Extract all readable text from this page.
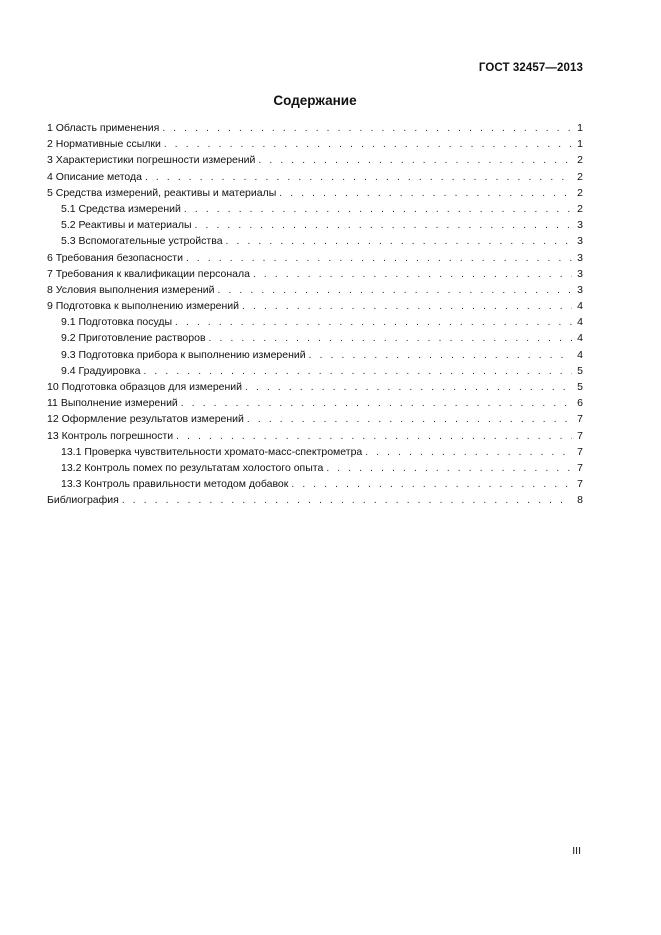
ГОСТ 32457—2013
Содержание
1 Область применения . . .	1
2 Нормативные ссылки . . .	1
3 Характеристики погрешности измерений . . .	2
4 Описание метода . . .	2
5 Средства измерений, реактивы и материалы . . .	2
5.1 Средства измерений . . .	2
5.2 Реактивы и материалы . . .	3
5.3 Вспомогательные устройства . . .	3
6 Требования безопасности . . .	3
7 Требования к квалификации персонала . . .	3
8 Условия выполнения измерений . . .	3
9 Подготовка к выполнению измерений . . .	4
9.1 Подготовка посуды . . .	4
9.2 Приготовление растворов . . .	4
9.3 Подготовка прибора к выполнению измерений . . .	4
9.4 Градуировка . . .	5
10 Подготовка образцов для измерений . . .	5
11 Выполнение измерений . . .	6
12 Оформление результатов измерений . . .	7
13 Контроль погрешности . . .	7
13.1 Проверка чувствительности хромато-масс-спектрометра . . .	7
13.2 Контроль помех по результатам холостого опыта . . .	7
13.3 Контроль правильности методом добавок . . .	7
Библиография . . .	8
III
